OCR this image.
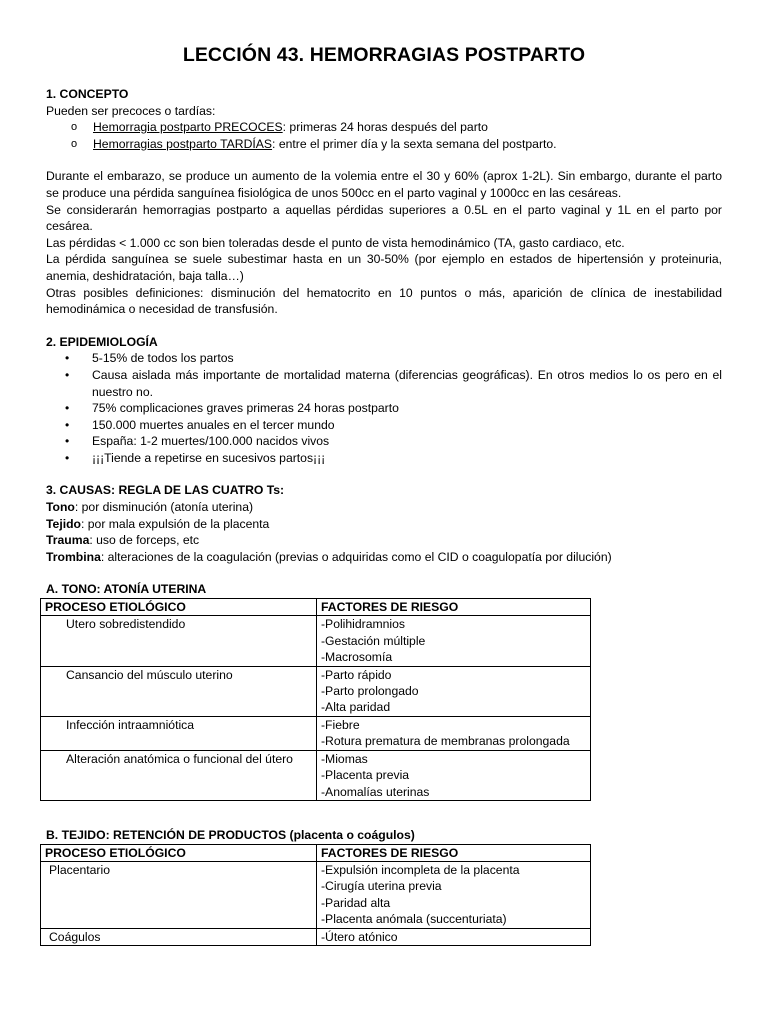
LECCIÓN 43. HEMORRAGIAS POSTPARTO

1. CONCEPTO

Pueden ser precoces o tardías:

o Hemorragia postparto PRECOCES: primeras 24 horas después del parto
o Hemorragias postparto TARDÍAS: entre el primer día y la sexta semana del postparto.

Durante el embarazo, se produce un aumento de la volemia entre el 30 y 60% (aprox 1-2L). Sin embargo, durante el parto se produce una pérdida sanguínea fisiológica de unos 500cc en el parto vaginal y 1000cc en las cesáreas.

Se considerarán hemorragias postparto a aquellas pérdidas superiores a 0.5L en el parto vaginal y 1L en el parto por cesárea.

Las pérdidas < 1.000 cc son bien toleradas desde el punto de vista hemodinámico (TA, gasto cardiaco, etc.

La pérdida sanguínea se suele subestimar hasta en un 30-50% (por ejemplo en estados de hipertensión y proteinuria, anemia, deshidratación, baja talla…)

Otras posibles definiciones: disminución del hematocrito en 10 puntos o más, aparición de clínica de inestabilidad hemodinámica o necesidad de transfusión.

2. EPIDEMIOLOGÍA

• 5-15% de todos los partos
• Causa aislada más importante de mortalidad materna (diferencias geográficas). En otros medios lo os pero en el nuestro no.
• 75% complicaciones graves primeras 24 horas postparto
• 150.000 muertes anuales en el tercer mundo
• España: 1-2 muertes/100.000 nacidos vivos
• ¡¡¡Tiende a repetirse en sucesivos partos¡¡¡

3. CAUSAS: REGLA DE LAS CUATRO Ts:

Tono: por disminución (atonía uterina)

Tejido: por mala expulsión de la placenta

Trauma: uso de forceps, etc

Trombina: alteraciones de la coagulación (previas o adquiridas como el CID o coagulopatía por dilución)

A. TONO: ATONÍA UTERINA

PROCESO ETIOLÓGICO	FACTORES DE RIESGO
Utero sobredistendido	-Polihidramnios
-Gestación múltiple
-Macrosomía

Cansancio del músculo uterino	-Parto rápido
-Parto prolongado
-Alta paridad

Infección intraamniótica	-Fiebre
-Rotura prematura de membranas prolongada

Alteración anatómica o funcional del útero	-Miomas
-Placenta previa
-Anomalías uterinas

B. TEJIDO: RETENCIÓN DE PRODUCTOS (placenta o coágulos)

PROCESO ETIOLÓGICO	FACTORES DE RIESGO
Placentario	-Expulsión incompleta de la placenta
-Cirugía uterina previa
-Paridad alta
-Placenta anómala (succenturiata)

Coágulos	-Útero atónico
